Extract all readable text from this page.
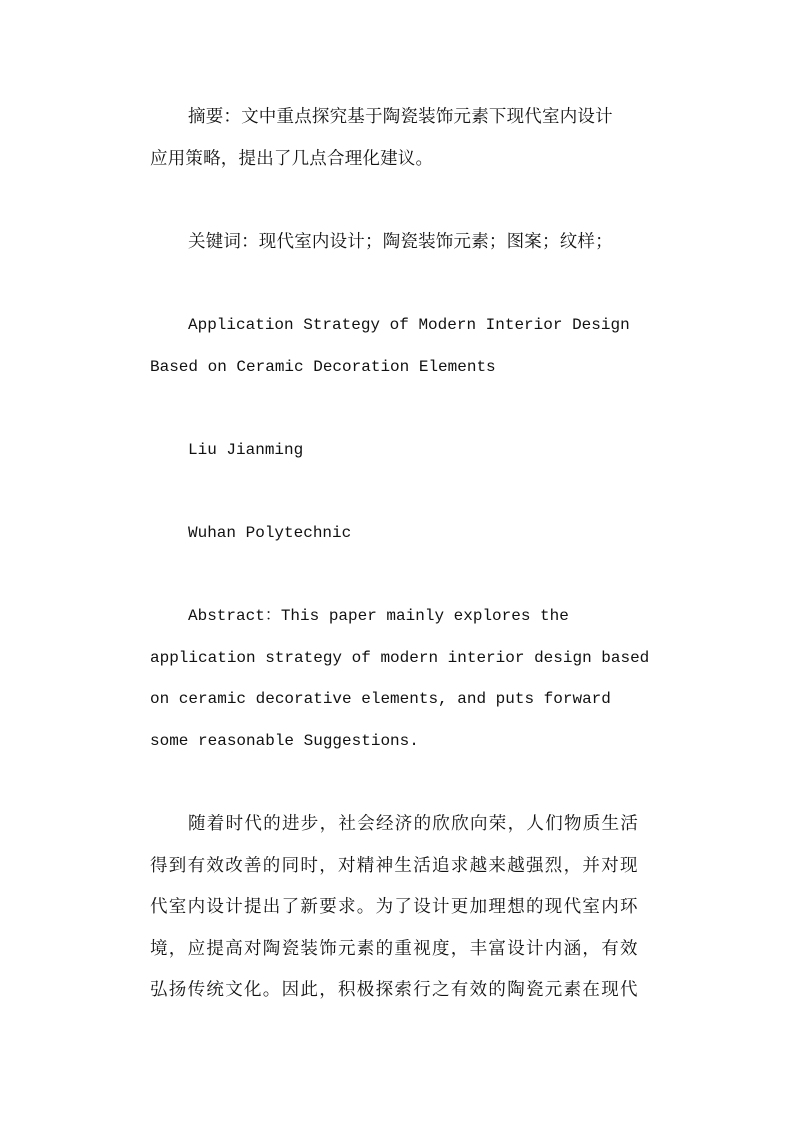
摘要：文中重点探究基于陶瓷装饰元素下现代室内设计
应用策略，提出了几点合理化建议。
关键词：现代室内设计；陶瓷装饰元素；图案；纹样；
Application Strategy of Modern Interior Design
Based on Ceramic Decoration Elements
Liu Jianming
Wuhan Polytechnic
Abstract：This paper mainly explores the
application strategy of modern interior design based
on ceramic decorative elements, and puts forward
some reasonable Suggestions.
随着时代的进步，社会经济的欣欣向荣，人们物质生活
得到有效改善的同时，对精神生活追求越来越强烈，并对现
代室内设计提出了新要求。为了设计更加理想的现代室内环
境，应提高对陶瓷装饰元素的重视度，丰富设计内涵，有效
弘扬传统文化。因此，积极探索行之有效的陶瓷元素在现代
